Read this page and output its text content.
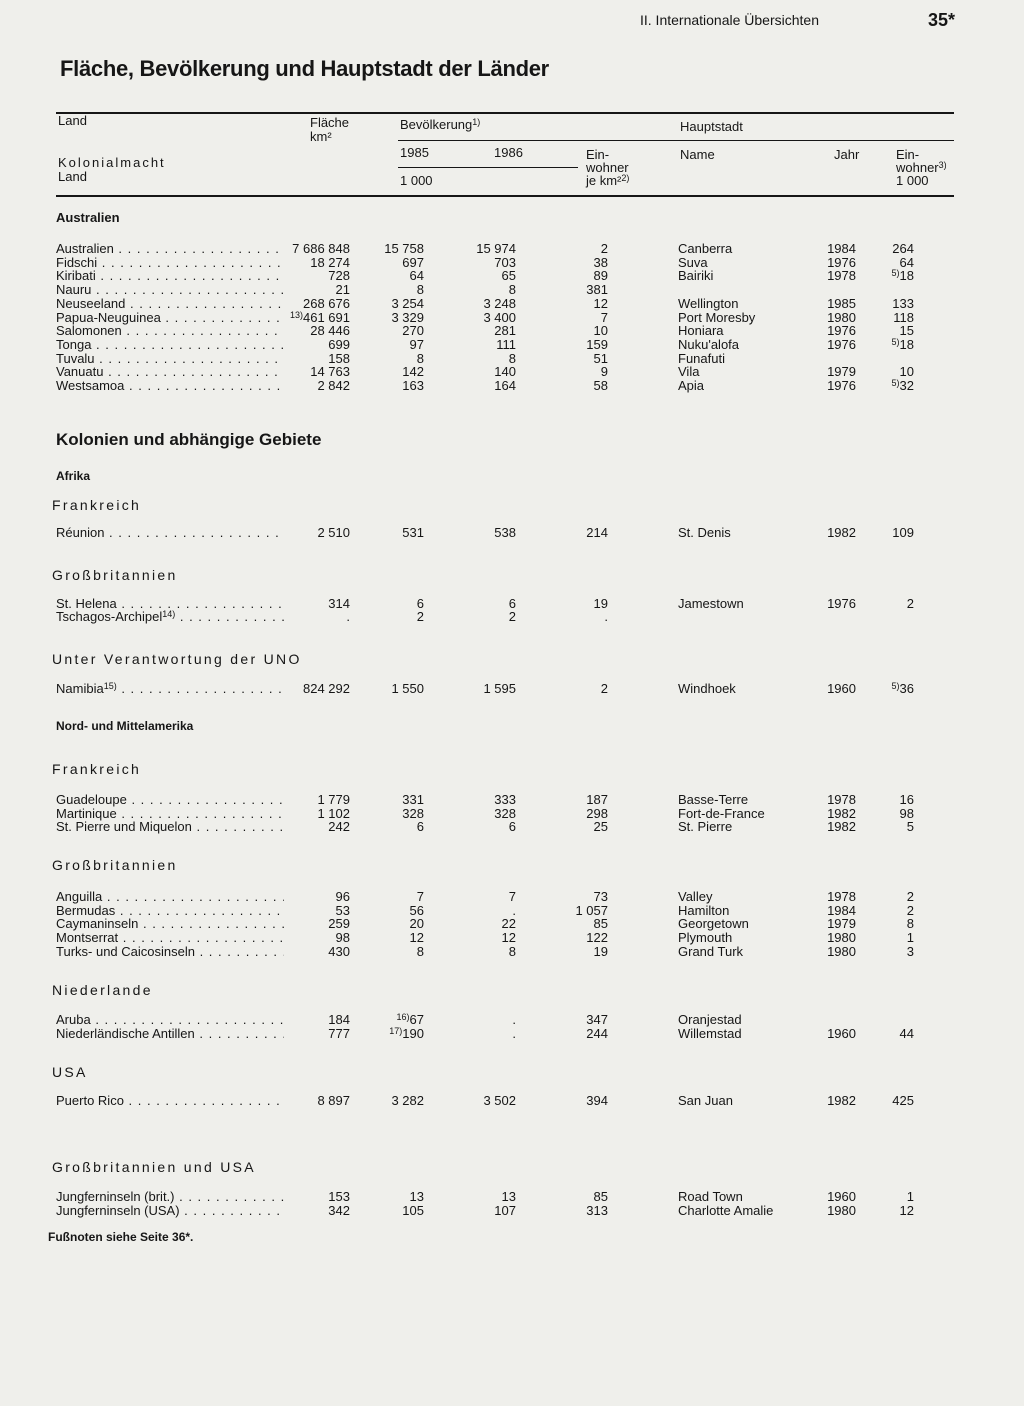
II. Internationale Übersichten	35*
Fläche, Bevölkerung und Hauptstadt der Länder
Land
Kolonialmacht
Land
Fläche
km²
Bevölkerung$^{^{1)}}$
1985	1986
1 000
Ein-
wohner
je km²$^{^{2)}}$
Hauptstadt
Name	Jahr	Ein-
wohner$^{^{3)}}$
1 000
Australien
Australien . . .	7 686 848	15 758	15 974	2	Canberra	1984	264
Fidschi . . .	18 274	697	703	38	Suva	1976	64
Kiribati . . .	728	64	65	89	Bairiki	1978	$^{5)}$18
Nauru . . .	21	8	8	381
Neuseeland . . .	268 676	3 254	3 248	12	Wellington	1985	133
Papua-Neuguinea . . .	$^{13)}$461 691	3 329	3 400	7	Port Moresby	1980	118
Salomonen . . .	28 446	270	281	10	Honiara	1976	15
Tonga . . .	699	97	111	159	Nuku'alofa	1976	$^{5)}$18
Tuvalu . . .	158	8	8	51	Funafuti
Vanuatu . . .	14 763	142	140	9	Vila	1979	10
Westsamoa . . .	2 842	163	164	58	Apia	1976	$^{5)}$32
Kolonien und abhängige Gebiete
Afrika
Frankreich
Réunion . . .	2 510	531	538	214	St. Denis	1982	109
Großbritannien
St. Helena . . .	314	6	6	19	Jamestown	1976	2
Tschagos-Archipel$^{14)}$ . . .	.	2	2	.
Unter Verantwortung der UNO
Namibia$^{15)}$ . . .	824 292	1 550	1 595	2	Windhoek	1960	$^{5)}$36
Nord- und Mittelamerika
Frankreich
Guadeloupe . . .	1 779	331	333	187	Basse-Terre	1978	16
Martinique . . .	1 102	328	328	298	Fort-de-France	1982	98
St. Pierre und Miquelon . . .	242	6	6	25	St. Pierre	1982	5
Großbritannien
Anguilla . . .	96	7	7	73	Valley	1978	2
Bermudas . . .	53	56	.	1 057	Hamilton	1984	2
Caymaninseln . . .	259	20	22	85	Georgetown	1979	8
Montserrat . . .	98	12	12	122	Plymouth	1980	1
Turks- und Caicosinseln . . .	430	8	8	19	Grand Turk	1980	3
Niederlande
Aruba . . .	184	$^{16)}$67	.	347	Oranjestad
Niederländische Antillen . . .	777	$^{17)}$190	.	244	Willemstad	1960	44
USA
Puerto Rico . . .	8 897	3 282	3 502	394	San Juan	1982	425
Großbritannien und USA
Jungferninseln (brit.) . . .	153	13	13	85	Road Town	1960	1
Jungferninseln (USA) . . .	342	105	107	313	Charlotte Amalie	1980	12
Fußnoten siehe Seite 36*.
